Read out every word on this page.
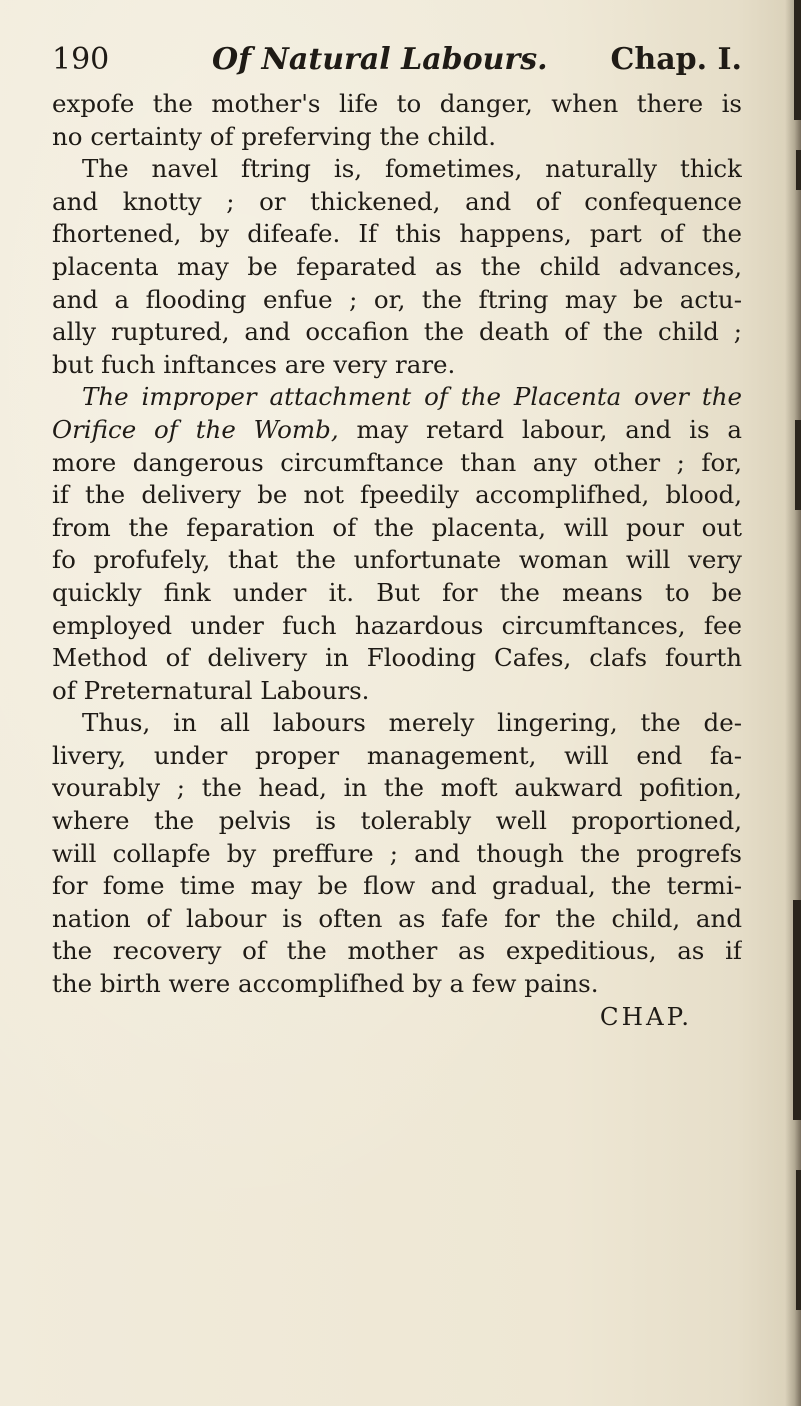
190	Of Natural Labours. Chap. I.
expofe the mother's life to danger, when there is
no certainty of preferving the child.
The navel ftring is, fometimes, naturally thick
and knotty ; or thickened, and of confequence
fhortened, by difeafe. If this happens, part of the
placenta may be feparated as the child advances,
and a flooding enfue ; or, the ftring may be actu-
ally ruptured, and occafion the death of the child ;
but fuch inftances are very rare.
The improper attachment of the Placenta over the
Orifice of the Womb, may retard labour, and is a
more dangerous circumftance than any other ; for,
if the delivery be not fpeedily accomplifhed, blood,
from the feparation of the placenta, will pour out
fo profufely, that the unfortunate woman will very
quickly fink under it. But for the means to be
employed under fuch hazardous circumftances, fee
Method of delivery in Flooding Cafes, clafs fourth
of Preternatural Labours.
Thus, in all labours merely lingering, the de-
livery, under proper management, will end fa-
vourably ; the head, in the moft aukward pofition,
where the pelvis is tolerably well proportioned,
will collapfe by preffure ; and though the progrefs
for fome time may be flow and gradual, the termi-
nation of labour is often as fafe for the child, and
the recovery of the mother as expeditious, as if
the birth were accomplifhed by a few pains.
CHAP.
